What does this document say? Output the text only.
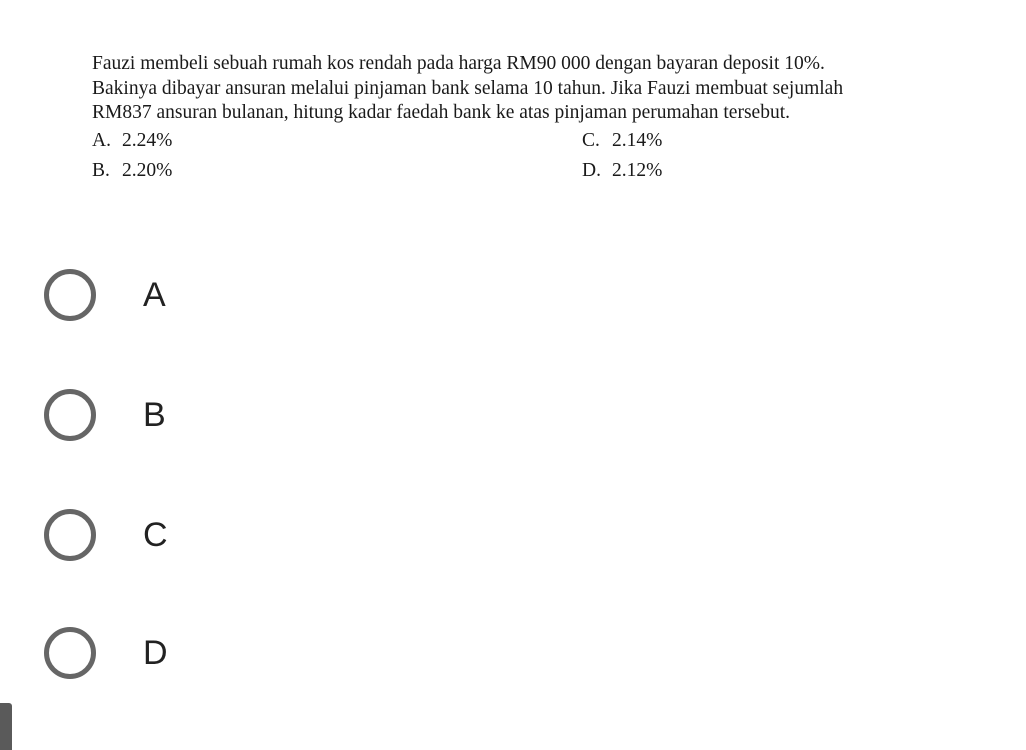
Fauzi membeli sebuah rumah kos rendah pada harga RM90 000 dengan bayaran deposit 10%.
Bakinya dibayar ansuran melalui pinjaman bank selama 10 tahun. Jika Fauzi membuat sejumlah
RM837 ansuran bulanan, hitung kadar faedah bank ke atas pinjaman perumahan tersebut.

A. 2.24%	C. 2.14%
B. 2.20%	D. 2.12%
A
B
C
D
